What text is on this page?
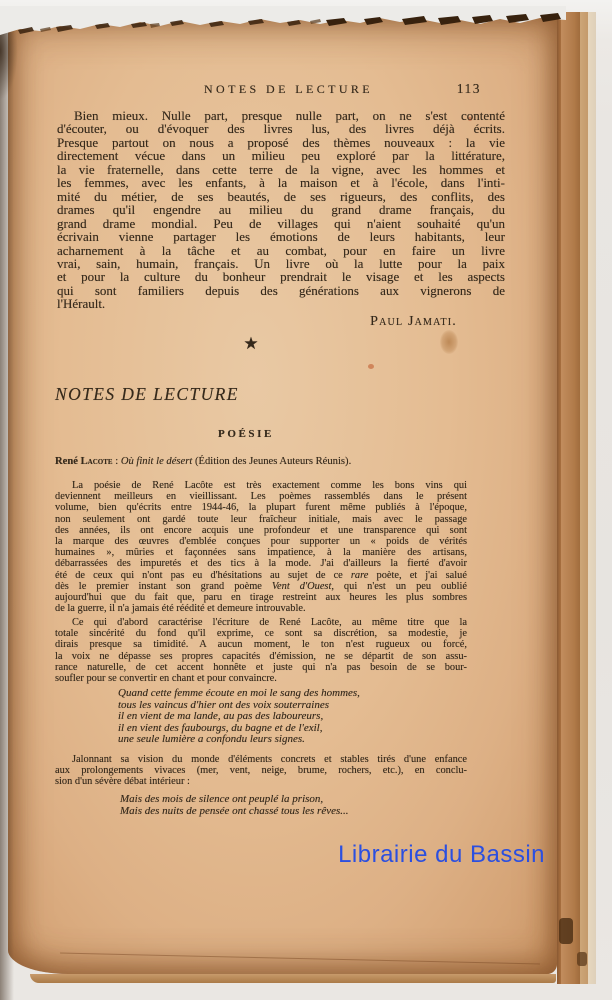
NOTES DE LECTURE	113
Bien mieux. Nulle part, presque nulle part, on ne s'est contenté
d'écouter, ou d'évoquer des livres lus, des livres déjà écrits.
Presque partout on nous a proposé des thèmes nouveaux : la vie
directement vécue dans un milieu peu exploré par la littérature,
la vie fraternelle, dans cette terre de la vigne, avec les hommes et
les femmes, avec les enfants, à la maison et à l'école, dans l'inti-
mité du métier, de ses beautés, de ses rigueurs, des conflits, des
drames qu'il engendre au milieu du grand drame français, du
grand drame mondial. Peu de villages qui n'aient souhaité qu'un
écrivain vienne partager les émotions de leurs habitants, leur
acharnement à la tâche et au combat, pour en faire un livre
vrai, sain, humain, français. Un livre où la lutte pour la paix
et pour la culture du bonheur prendrait le visage et les aspects
qui sont familiers depuis des générations aux vignerons de
l'Hérault.
Paul Jamati.
★
NOTES DE LECTURE
POÉSIE
René Lacote : Où finit le désert (Édition des Jeunes Auteurs Réunis).
La poésie de René Lacôte est très exactement comme les bons vins qui
deviennent meilleurs en vieillissant. Les poèmes rassemblés dans le présent
volume, bien qu'écrits entre 1944-46, la plupart furent même publiés à l'époque,
non seulement ont gardé toute leur fraîcheur initiale, mais avec le passage
des années, ils ont encore acquis une profondeur et une transparence qui sont
la marque des œuvres d'emblée conçues pour supporter un « poids de vérités
humaines », mûries et façonnées sans impatience, à la manière des artisans,
débarrassées des impuretés et des tics à la mode. J'ai d'ailleurs la fierté d'avoir
été de ceux qui n'ont pas eu d'hésitations au sujet de ce rare poète, et j'ai salué
dès le premier instant son grand poème Vent d'Ouest, qui n'est un peu oublié
aujourd'hui que du fait que, paru en tirage restreint aux heures les plus sombres
de la guerre, il n'a jamais été réédité et demeure introuvable.
Ce qui d'abord caractérise l'écriture de René Lacôte, au même titre que la
totale sincérité du fond qu'il exprime, ce sont sa discrétion, sa modestie, je
dirais presque sa timidité. A aucun moment, le ton n'est rugueux ou forcé,
la voix ne dépasse ses propres capacités d'émission, ne se départit de son assu-
rance naturelle, de cet accent honnête et juste qui n'a pas besoin de se bour-
soufler pour se convertir en chant et pour convaincre.
Quand cette femme écoute en moi le sang des hommes,
tous les vaincus d'hier ont des voix souterraines
il en vient de ma lande, au pas des laboureurs,
il en vient des faubourgs, du bagne et de l'exil,
une seule lumière a confondu leurs signes.
Jalonnant sa vision du monde d'éléments concrets et stables tirés d'une enfance
aux prolongements vivaces (mer, vent, neige, brume, rochers, etc.), en conclu-
sion d'un sévère débat intérieur :
Mais des mois de silence ont peuplé la prison,
Mais des nuits de pensée ont chassé tous les rêves...
Librairie du Bassin
